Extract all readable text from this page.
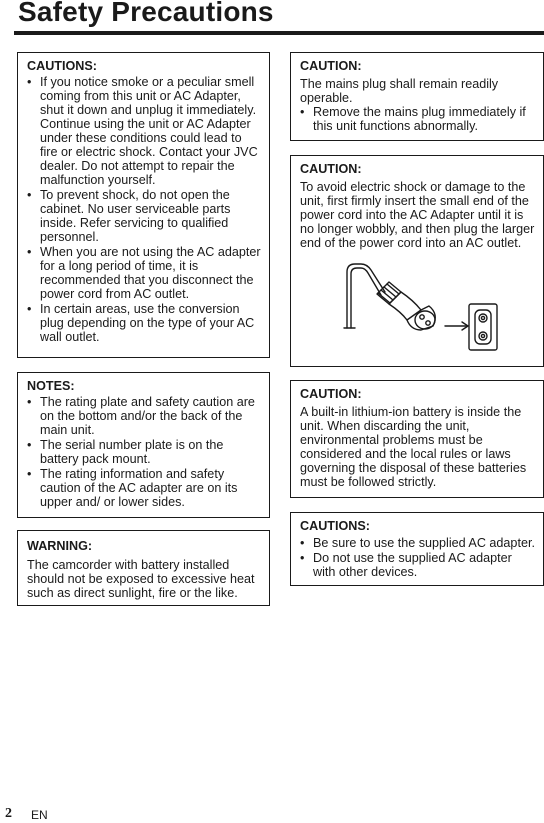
Safety Precautions
CAUTIONS:
• If you notice smoke or a peculiar smell coming from this unit or AC Adapter, shut it down and unplug it immediately. Continue using the unit or AC Adapter under these conditions could lead to fire or electric shock. Contact your JVC dealer. Do not attempt to repair the malfunction yourself.
• To prevent shock, do not open the cabinet. No user serviceable parts inside. Refer servicing to qualified personnel.
• When you are not using the AC adapter for a long period of time, it is recommended that you disconnect the power cord from AC outlet.
• In certain areas, use the conversion plug depending on the type of your AC wall outlet.
NOTES:
• The rating plate and safety caution are on the bottom and/or the back of the main unit.
• The serial number plate is on the battery pack mount.
• The rating information and safety caution of the AC adapter are on its upper and/ or lower sides.
WARNING:

The camcorder with battery installed should not be exposed to excessive heat such as direct sunlight, fire or the like.

CAUTION:

The mains plug shall remain readily operable.

• Remove the mains plug immediately if this unit functions abnormally.
CAUTION:

To avoid electric shock or damage to the unit, first firmly insert the small end of the power cord into the AC Adapter until it is no longer wobbly, and then plug the larger end of the power cord into an AC outlet.

CAUTION:

A built-in lithium-ion battery is inside the unit. When discarding the unit, environmental problems must be considered and the local rules or laws governing the disposal of these batteries must be followed strictly.

CAUTIONS:
• Be sure to use the supplied AC adapter.
• Do not use the supplied AC adapter with other devices.
2 EN
